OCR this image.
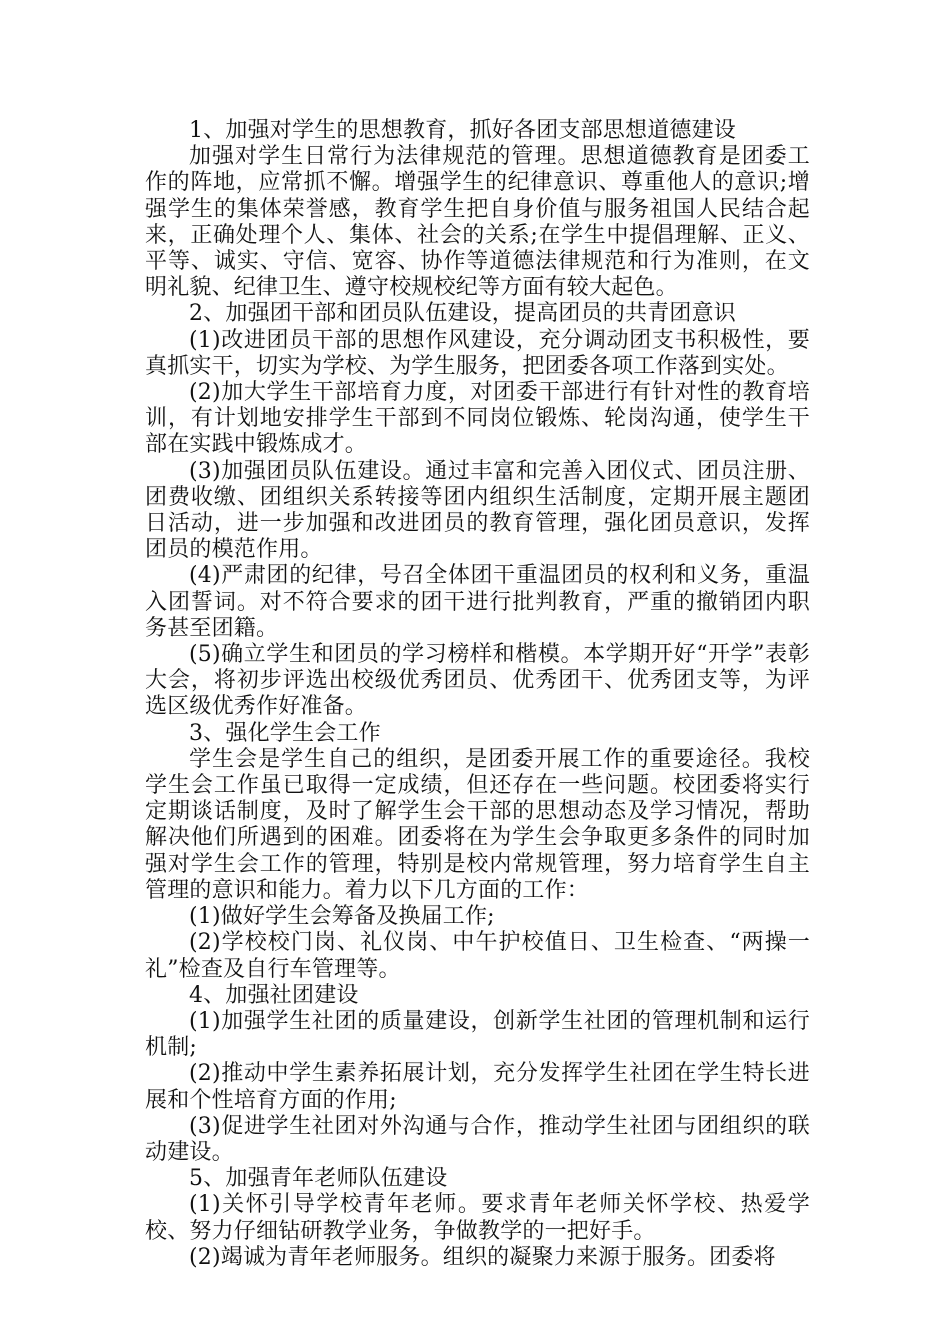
1、加强对学生的思想教育，抓好各团支部思想道德建设

加强对学生日常行为法律规范的管理。思想道德教育是团委工作的阵地，应常抓不懈。增强学生的纪律意识、尊重他人的意识;增强学生的集体荣誉感，教育学生把自身价值与服务祖国人民结合起来，正确处理个人、集体、社会的关系;在学生中提倡理解、正义、平等、诚实、守信、宽容、协作等道德法律规范和行为准则，在文明礼貌、纪律卫生、遵守校规校纪等方面有较大起色。

2、加强团干部和团员队伍建设，提高团员的共青团意识

(1)改进团员干部的思想作风建设，充分调动团支书积极性，要真抓实干，切实为学校、为学生服务，把团委各项工作落到实处。

(2)加大学生干部培育力度，对团委干部进行有针对性的教育培训，有计划地安排学生干部到不同岗位锻炼、轮岗沟通，使学生干部在实践中锻炼成才。

(3)加强团员队伍建设。通过丰富和完善入团仪式、团员注册、团费收缴、团组织关系转接等团内组织生活制度，定期开展主题团日活动，进一步加强和改进团员的教育管理，强化团员意识，发挥团员的模范作用。

(4)严肃团的纪律，号召全体团干重温团员的权利和义务，重温入团誓词。对不符合要求的团干进行批判教育，严重的撤销团内职务甚至团籍。

(5)确立学生和团员的学习榜样和楷模。本学期开好“开学”表彰大会，将初步评选出校级优秀团员、优秀团干、优秀团支等，为评选区级优秀作好准备。

3、强化学生会工作

学生会是学生自己的组织，是团委开展工作的重要途径。我校学生会工作虽已取得一定成绩，但还存在一些问题。校团委将实行定期谈话制度，及时了解学生会干部的思想动态及学习情况，帮助解决他们所遇到的困难。团委将在为学生会争取更多条件的同时加强对学生会工作的管理，特别是校内常规管理，努力培育学生自主管理的意识和能力。着力以下几方面的工作：

(1)做好学生会筹备及换届工作;

(2)学校校门岗、礼仪岗、中午护校值日、卫生检查、“两操一礼”检查及自行车管理等。

4、加强社团建设

(1)加强学生社团的质量建设，创新学生社团的管理机制和运行机制;

(2)推动中学生素养拓展计划，充分发挥学生社团在学生特长进展和个性培育方面的作用;

(3)促进学生社团对外沟通与合作，推动学生社团与团组织的联动建设。

5、加强青年老师队伍建设

(1)关怀引导学校青年老师。要求青年老师关怀学校、热爱学校、努力仔细钻研教学业务，争做教学的一把好手。

(2)竭诚为青年老师服务。组织的凝聚力来源于服务。团委将
